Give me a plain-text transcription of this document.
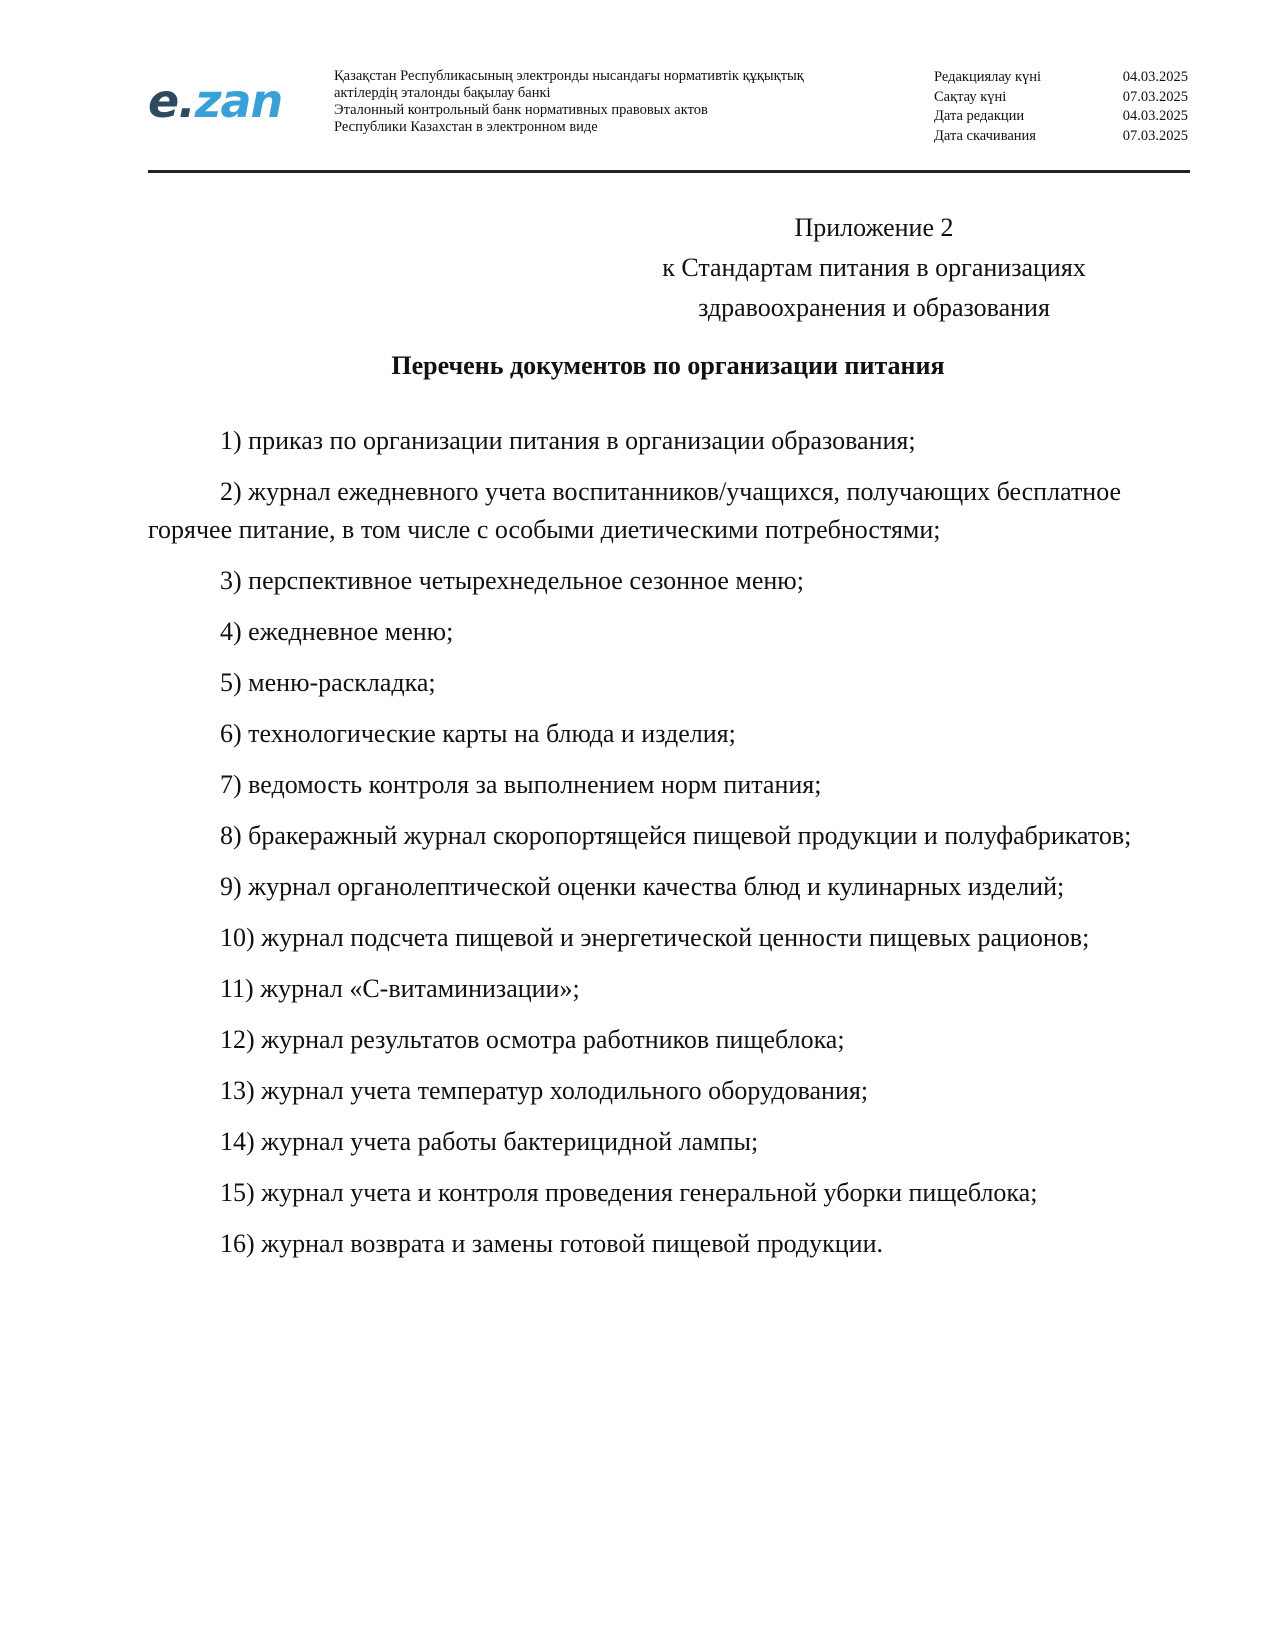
e.zan	Қазақстан Республикасының электронды нысандағы нормативтік құқықтық
актілердің эталонды бақылау банкі
Эталонный контрольный банк нормативных правовых актов
Республики Казахстан в электронном виде
Редакциялау күні	04.03.2025
Сақтау күні	07.03.2025
Дата редакции	04.03.2025
Дата скачивания	07.03.2025
Приложение 2
к Стандартам питания в организациях
здравоохранения и образования
Перечень документов по организации питания

1) приказ по организации питания в организации образования;

2) журнал ежедневного учета воспитанников/учащихся, получающих бесплатное горячее питание, в том числе с особыми диетическими потребностями;

3) перспективное четырехнедельное сезонное меню;

4) ежедневное меню;

5) меню-раскладка;

6) технологические карты на блюда и изделия;

7) ведомость контроля за выполнением норм питания;

8) бракеражный журнал скоропортящейся пищевой продукции и полуфабрикатов;

9) журнал органолептической оценки качества блюд и кулинарных изделий;

10) журнал подсчета пищевой и энергетической ценности пищевых рационов;

11) журнал «С-витаминизации»;

12) журнал результатов осмотра работников пищеблока;

13) журнал учета температур холодильного оборудования;

14) журнал учета работы бактерицидной лампы;

15) журнал учета и контроля проведения генеральной уборки пищеблока;

16) журнал возврата и замены готовой пищевой продукции.
